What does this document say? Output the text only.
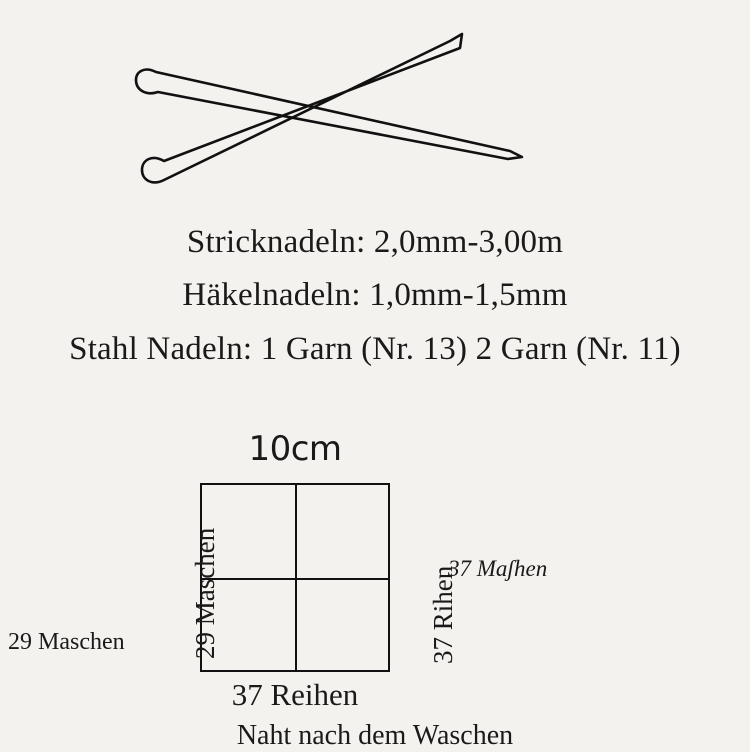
Stricknadeln: 2,0mm-3,00m
Häkelnadeln: 1,0mm-1,5mm
Stahl Nadeln: 1 Garn (Nr. 13) 2 Garn (Nr. 11)
10cm
29 Maschen	37 Rihen
29 Maschen
37 Maʃhen
37 Reihen
Naht nach dem Waschen
